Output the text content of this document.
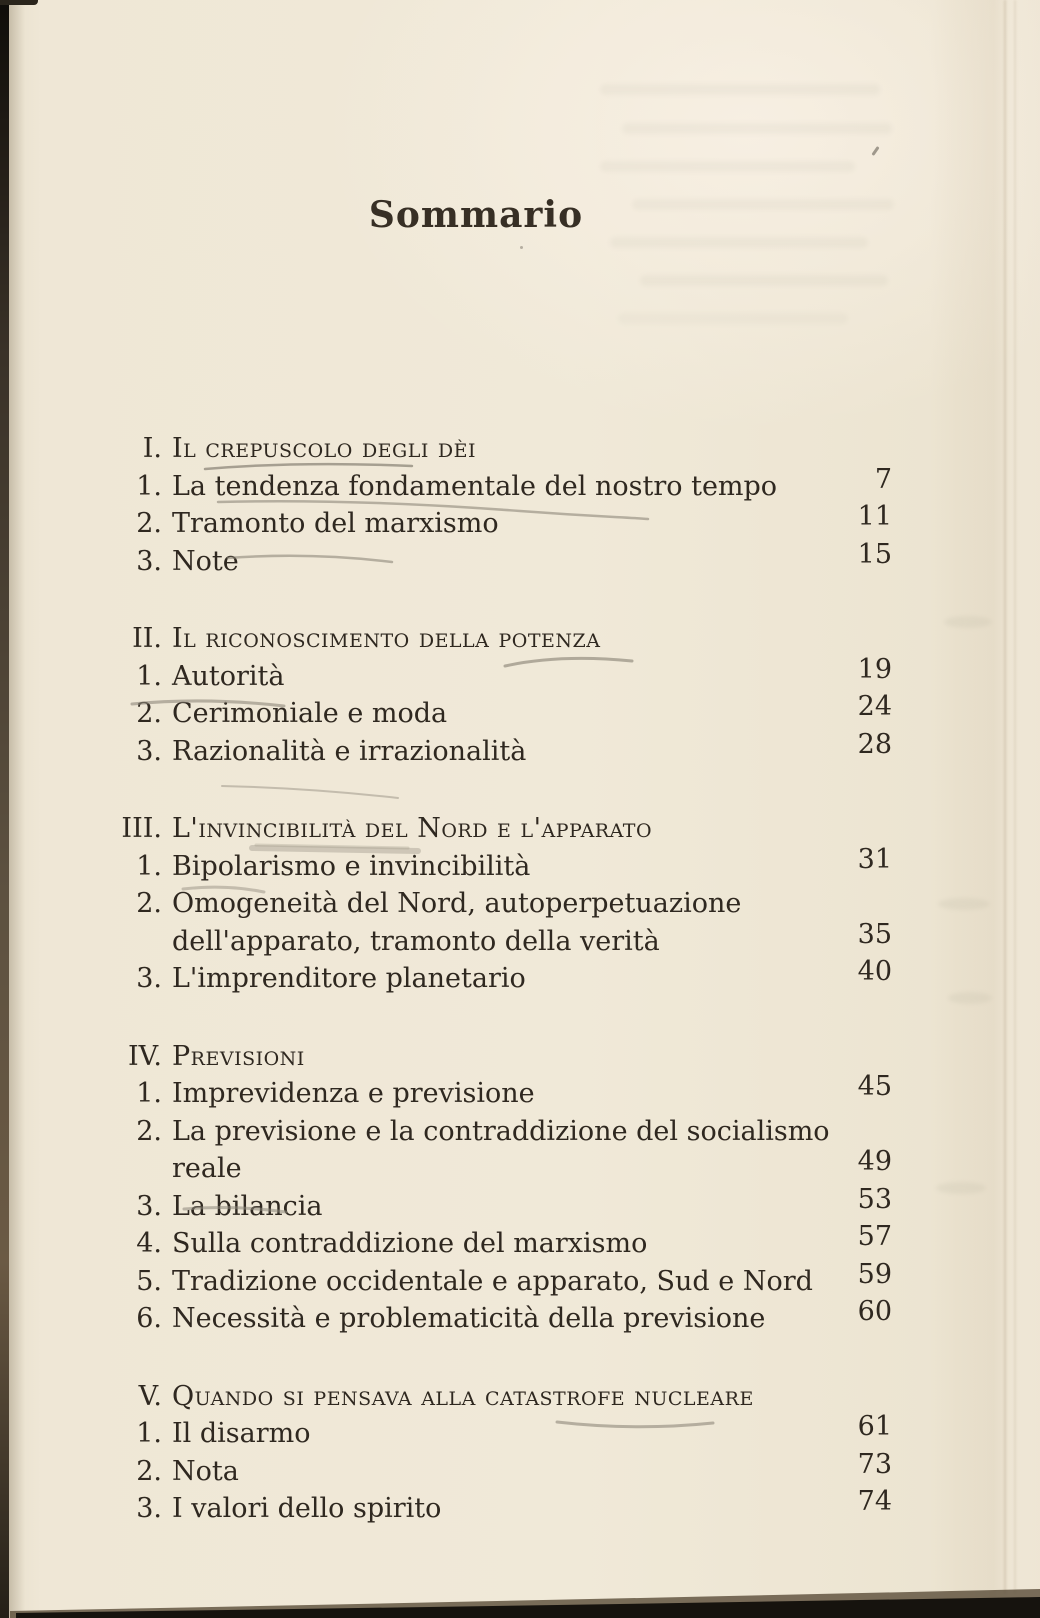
Sommario
I. Il crepuscolo degli dèi
1. La tendenza fondamentale del nostro tempo	7
2. Tramonto del marxismo	11
3. Note	15
II. Il riconoscimento della potenza
1. Autorità	19
2. Cerimoniale e moda	24
3. Razionalità e irrazionalità	28
III. L'invincibilità del Nord e l'apparato
1. Bipolarismo e invincibilità	31
2. Omogeneità del Nord, autoperpetuazione
dell'apparato, tramonto della verità	35
3. L'imprenditore planetario	40
IV. Previsioni
1. Imprevidenza e previsione	45
2. La previsione e la contraddizione del socialismo
reale	49
3. La bilancia	53
4. Sulla contraddizione del marxismo	57
5. Tradizione occidentale e apparato, Sud e Nord	59
6. Necessità e problematicità della previsione	60
V. Quando si pensava alla catastrofe nucleare
1. Il disarmo	61
2. Nota	73
3. I valori dello spirito	74
